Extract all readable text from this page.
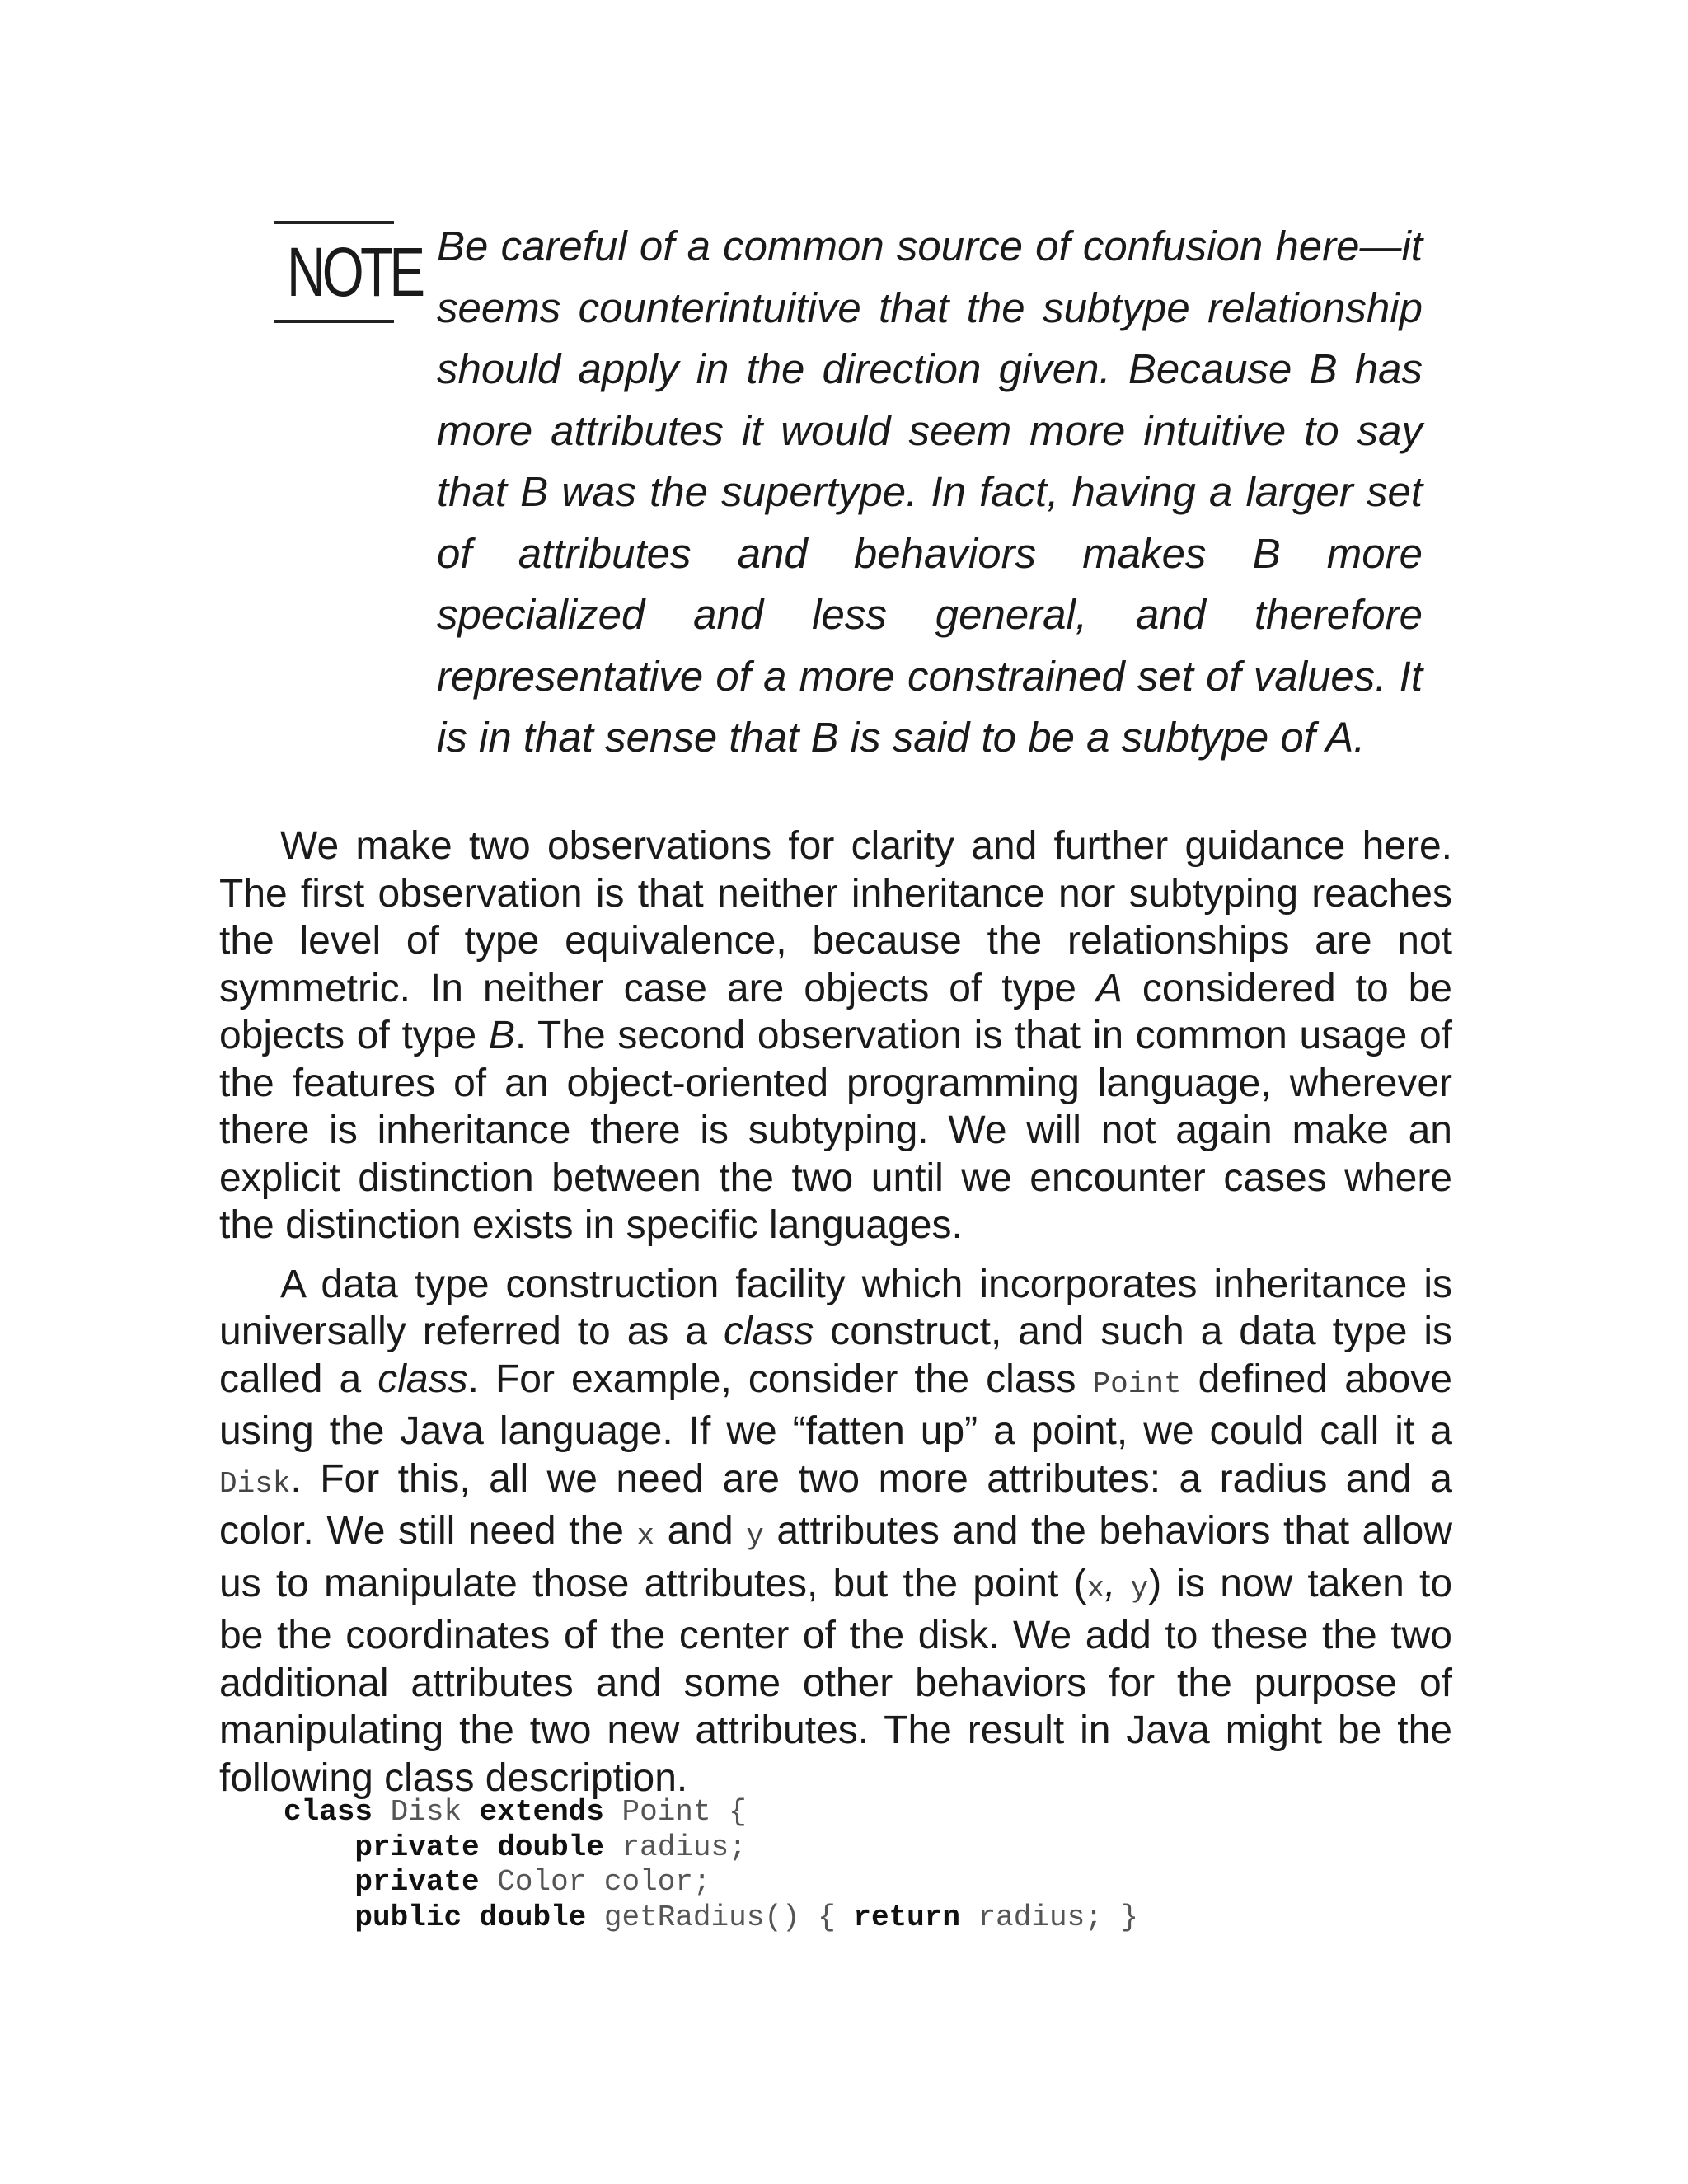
NOTE Be careful of a common source of confusion here—it seems counterintuitive that the subtype relationship should apply in the direction given. Because B has more attributes it would seem more intuitive to say that B was the supertype. In fact, having a larger set of attributes and behaviors makes B more specialized and less general, and therefore representative of a more constrained set of values. It is in that sense that B is said to be a subtype of A.

We make two observations for clarity and further guidance here. The first observation is that neither inheritance nor subtyping reaches the level of type equivalence, because the relationships are not symmetric. In neither case are objects of type A considered to be objects of type B. The second observation is that in common usage of the features of an object-oriented programming language, wherever there is inheritance there is subtyping. We will not again make an explicit distinction between the two until we encounter cases where the distinction exists in specific languages.

A data type construction facility which incorporates inheritance is universally referred to as a class construct, and such a data type is called a class. For example, consider the class Point defined above using the Java language. If we “fatten up” a point, we could call it a Disk. For this, all we need are two more attributes: a radius and a color. We still need the x and y attributes and the behaviors that allow us to manipulate those attributes, but the point (x, y) is now taken to be the coordinates of the center of the disk. We add to these the two additional attributes and some other behaviors for the purpose of manipulating the two new attributes. The result in Java might be the following class description.

class Disk extends Point {
private double radius;
private Color color;
public double getRadius() { return radius; }
